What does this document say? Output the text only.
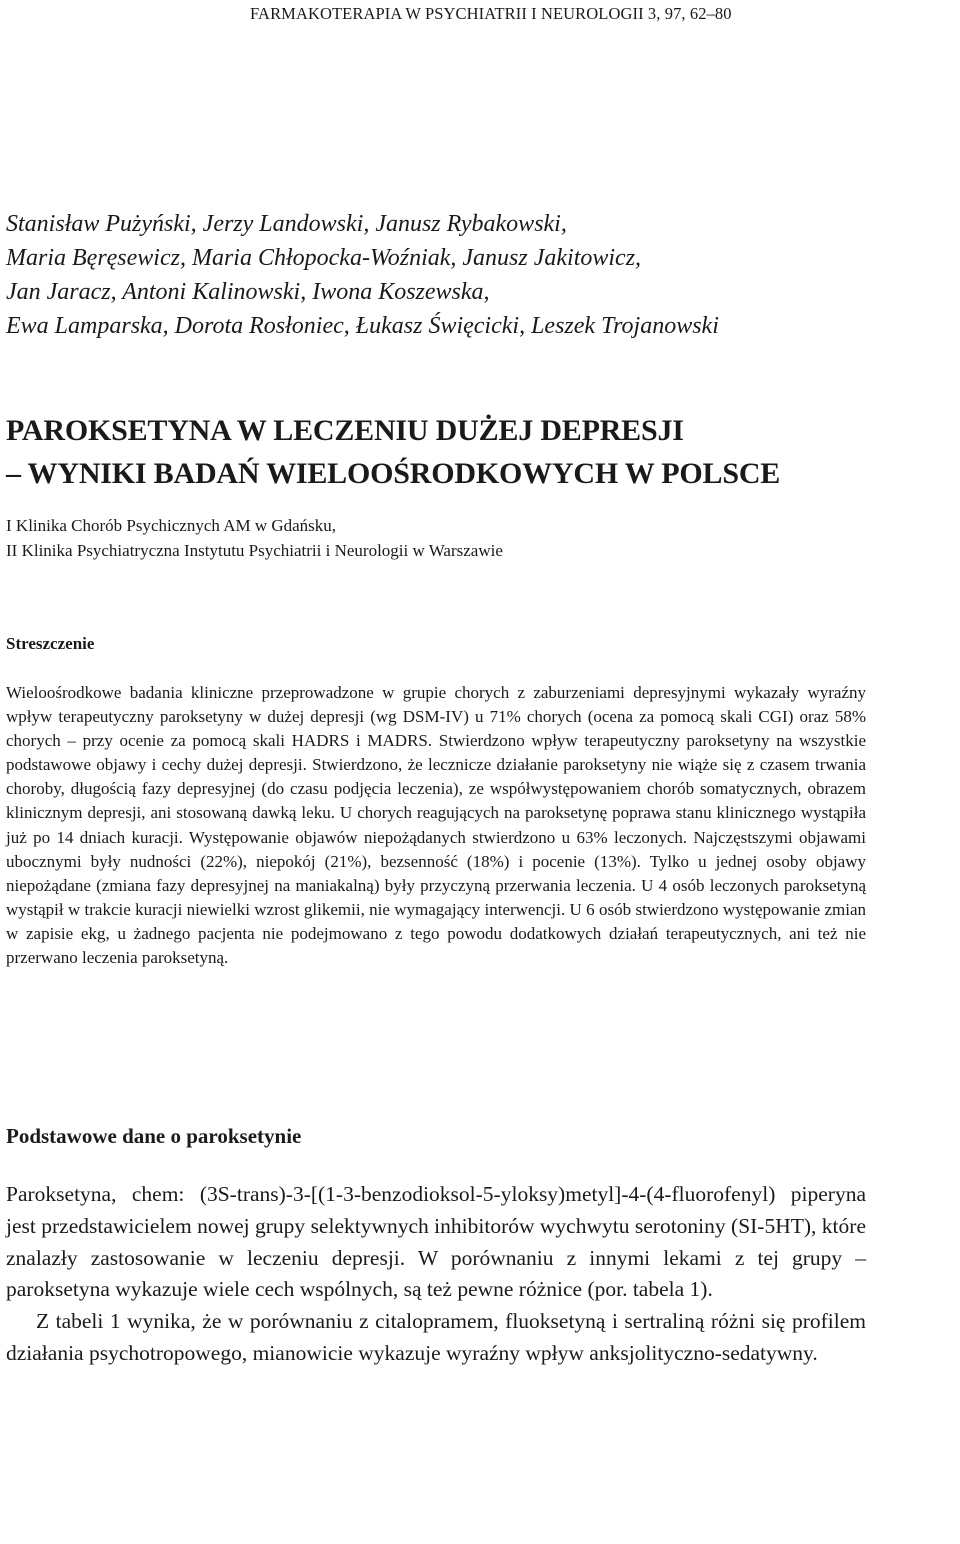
FARMAKOTERAPIA W PSYCHIATRII I NEUROLOGII 3, 97, 62–80
Stanisław Pużyński, Jerzy Landowski, Janusz Rybakowski,
Maria Bęręsewicz, Maria Chłopocka-Woźniak, Janusz Jakitowicz,
Jan Jaracz, Antoni Kalinowski, Iwona Koszewska,
Ewa Lamparska, Dorota Rosłoniec, Łukasz Święcicki, Leszek Trojanowski
PAROKSETYNA W LECZENIU DUŻEJ DEPRESJI
– WYNIKI BADAŃ WIELOOŚRODKOWYCH W POLSCE
I Klinika Chorób Psychicznych AM w Gdańsku,
II Klinika Psychiatryczna Instytutu Psychiatrii i Neurologii w Warszawie
Streszczenie
Wieloośrodkowe badania kliniczne przeprowadzone w grupie chorych z zaburzeniami depresyjnymi wykazały wyraźny wpływ terapeutyczny paroksetyny w dużej depresji (wg DSM-IV) u 71% chorych (ocena za pomocą skali CGI) oraz 58% chorych – przy ocenie za pomocą skali HADRS i MADRS. Stwierdzono wpływ terapeutyczny paroksetyny na wszystkie podstawowe objawy i cechy dużej depresji. Stwierdzono, że lecznicze działanie paroksetyny nie wiąże się z czasem trwania choroby, długością fazy depresyjnej (do czasu podjęcia leczenia), ze współwystępowaniem chorób somatycznych, obrazem klinicznym depresji, ani stosowaną dawką leku. U chorych reagujących na paroksetynę poprawa stanu klinicznego wystąpiła już po 14 dniach kuracji. Występowanie objawów niepożądanych stwierdzono u 63% leczonych. Najczęstszymi objawami ubocznymi były nudności (22%), niepokój (21%), bezsenność (18%) i pocenie (13%). Tylko u jednej osoby objawy niepożądane (zmiana fazy depresyjnej na maniakalną) były przyczyną przerwania leczenia. U 4 osób leczonych paroksetyną wystąpił w trakcie kuracji niewielki wzrost glikemii, nie wymagający interwencji. U 6 osób stwierdzono występowanie zmian w zapisie ekg, u żadnego pacjenta nie podejmowano z tego powodu dodatkowych działań terapeutycznych, ani też nie przerwano leczenia paroksetyną.
Podstawowe dane o paroksetynie

Paroksetyna, chem: (3S-trans)-3-[(1-3-benzodioksol-5-yloksy)metyl]-4-(4-fluorofenyl) piperyna jest przedstawicielem nowej grupy selektywnych inhibitorów wychwytu serotoniny (SI-5HT), które znalazły zastosowanie w leczeniu depresji. W porównaniu z innymi lekami z tej grupy – paroksetyna wykazuje wiele cech wspólnych, są też pewne różnice (por. tabela 1).

Z tabeli 1 wynika, że w porównaniu z citalopramem, fluoksetyną i sertraliną różni się profilem działania psychotropowego, mianowicie wykazuje wyraźny wpływ anksjolityczno-sedatywny.
